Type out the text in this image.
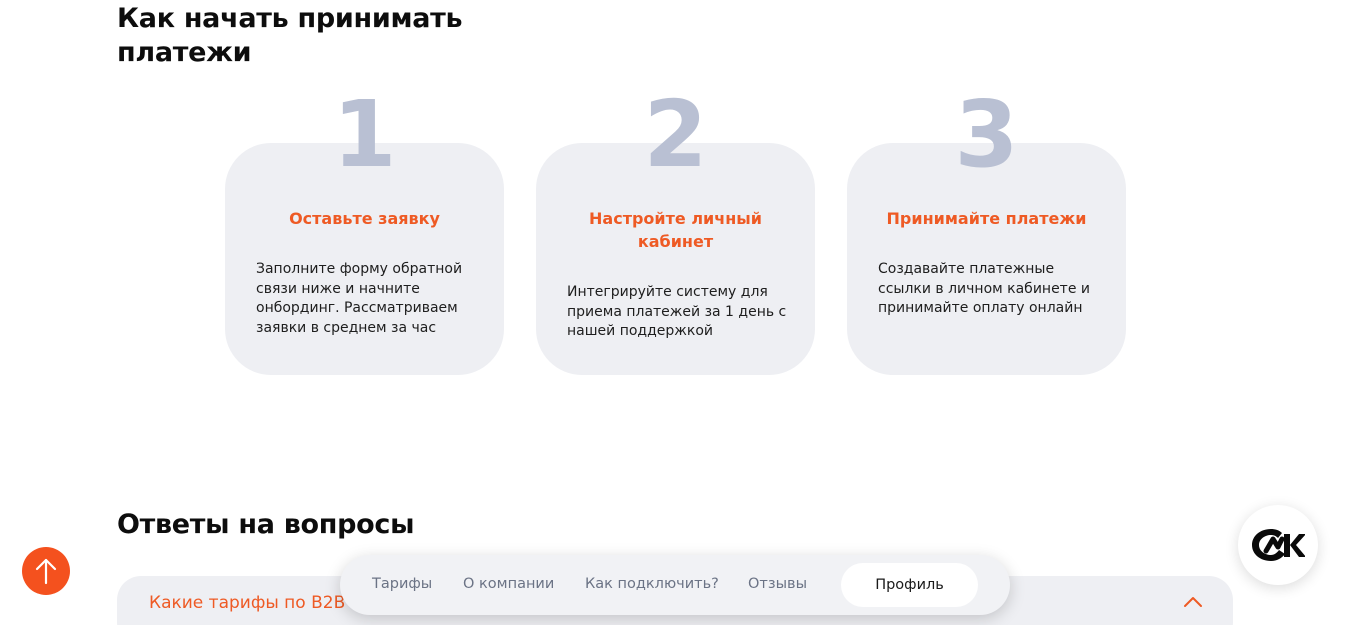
Как начать принимать платежи
1
Оставьте заявку
Заполните форму обратной связи ниже и начните онбординг. Рассматриваем заявки в среднем за час
2
Настройте личный кабинет
Интегрируйте систему для приема платежей за 1 день с нашей поддержкой
3
Принимайте платежи
Создавайте платежные ссылки в личном кабинете и принимайте оплату онлайн
Ответы на вопросы
Какие тарифы по B2B
Тарифы О компании Как подключить? Отзывы	Профиль
